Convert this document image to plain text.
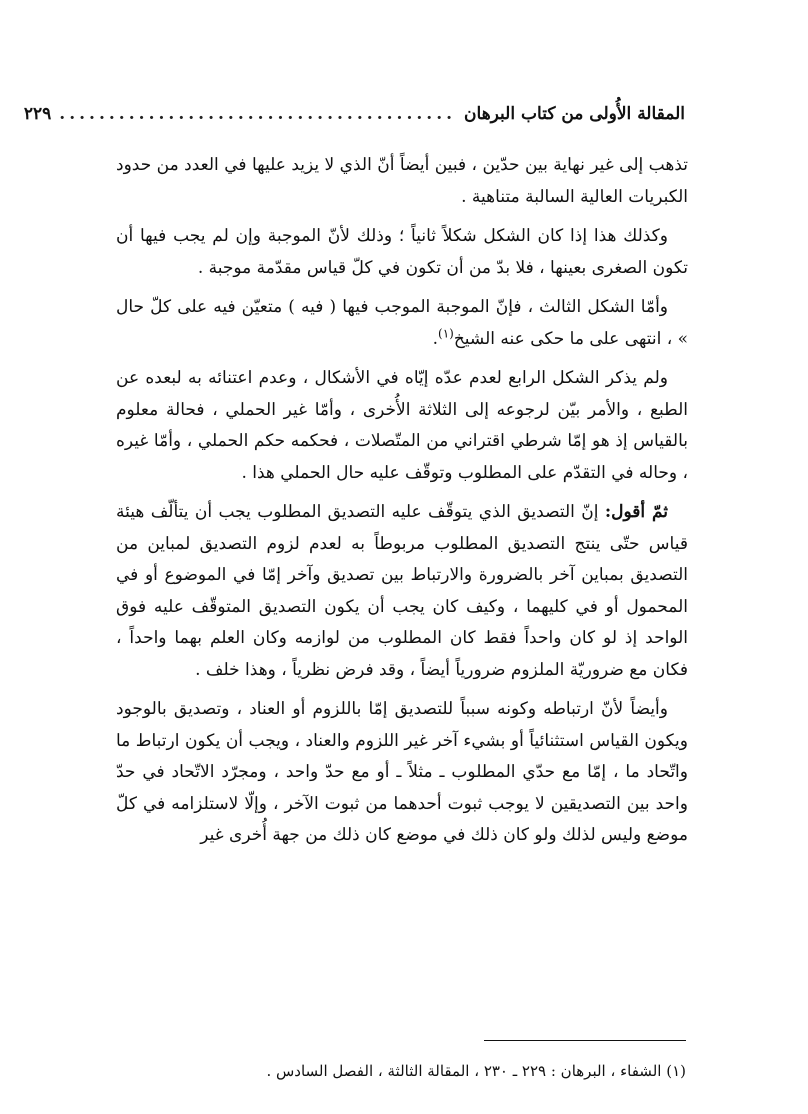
المقالة الأُولى من كتاب البرهان
........................................
٢٢٩

تذهب إلى غير نهاية بين حدّين ، فبين أيضاً أنّ الذي لا يزيد عليها في العدد من حدود الكبريات العالية السالبة متناهية .

وكذلك هذا إذا كان الشكل شكلاً ثانياً ؛ وذلك لأنّ الموجبة وإن لم يجب فيها أن تكون الصغرى بعينها ، فلا بدّ من أن تكون في كلّ قياس مقدّمة موجبة .

وأمّا الشكل الثالث ، فإنّ الموجبة الموجب فيها ( فيه ) متعيّن فيه على كلّ حال » ، انتهى على ما حكى عنه الشيخ$^{(١)}$.

ولم يذكر الشكل الرابع لعدم عدّه إيّاه في الأشكال ، وعدم اعتنائه به لبعده عن الطبع ، والأمر بيّن لرجوعه إلى الثلاثة الأُخرى ، وأمّا غير الحملي ، فحالة معلوم بالقياس إذ هو إمّا شرطي اقتراني من المتّصلات ، فحكمه حكم الحملي ، وأمّا غيره ، وحاله في التقدّم على المطلوب وتوقّف عليه حال الحملي هذا .

ثمّ أقول: إنّ التصديق الذي يتوقّف عليه التصديق المطلوب يجب أن يتألّف هيئة قياس حتّى ينتج التصديق المطلوب مربوطاً به لعدم لزوم التصديق لمباين من التصديق بمباين آخر بالضرورة والارتباط بين تصديق وآخر إمّا في الموضوع أو في المحمول أو في كليهما ، وكيف كان يجب أن يكون التصديق المتوقّف عليه فوق الواحد إذ لو كان واحداً فقط كان المطلوب من لوازمه وكان العلم بهما واحداً ، فكان مع ضروريّة الملزوم ضرورياً أيضاً ، وقد فرض نظرياً ، وهذا خلف .

وأيضاً لأنّ ارتباطه وكونه سبباً للتصديق إمّا باللزوم أو العناد ، وتصديق بالوجود ويكون القياس استثنائياً أو بشيء آخر غير اللزوم والعناد ، ويجب أن يكون ارتباط ما واتّحاد ما ، إمّا مع حدّي المطلوب ـ مثلاً ـ أو مع حدّ واحد ، ومجرّد الاتّحاد في حدّ واحد بين التصديقين لا يوجب ثبوت أحدهما من ثبوت الآخر ، وإلّا لاستلزامه في كلّ موضع وليس لذلك ولو كان ذلك في موضع كان ذلك من جهة أُخرى غير

(١) الشفاء ، البرهان : ٢٢٩ ـ ٢٣٠ ، المقالة الثالثة ، الفصل السادس .
